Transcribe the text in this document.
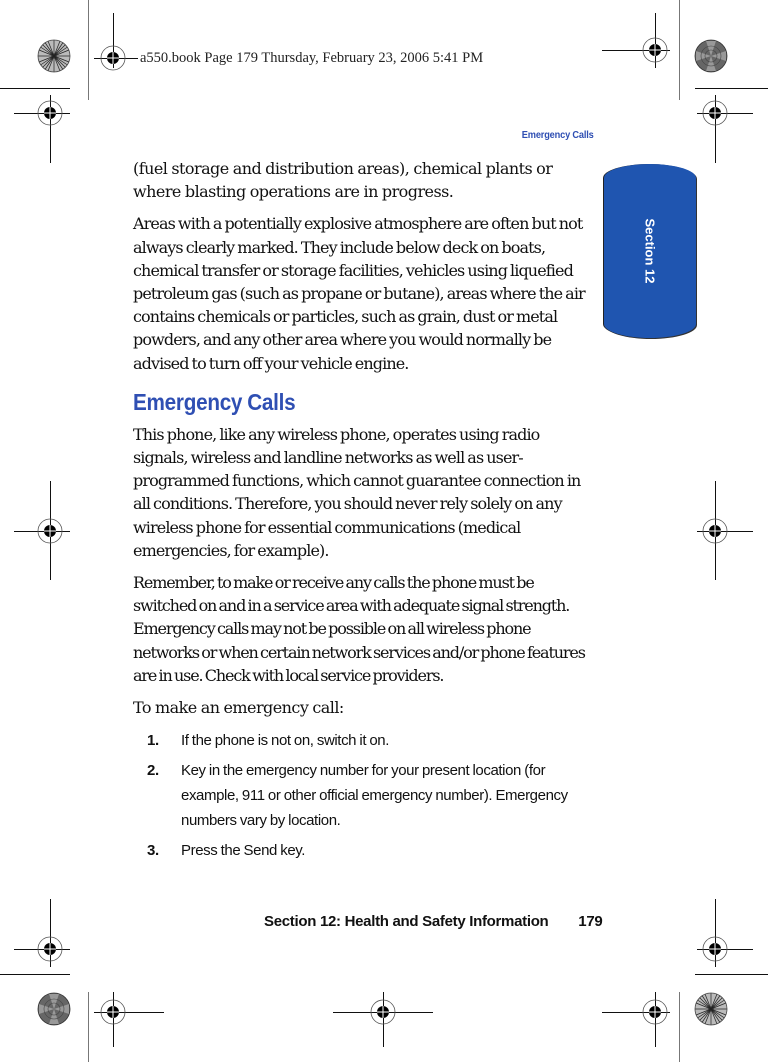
a550.book Page 179 Thursday, February 23, 2006 5:41 PM
Emergency Calls
Section 12

(fuel storage and distribution areas), chemical plants or where blasting operations are in progress.

Areas with a potentially explosive atmosphere are often but not always clearly marked. They include below deck on boats, chemical transfer or storage facilities, vehicles using liquefied petroleum gas (such as propane or butane), areas where the air contains chemicals or particles, such as grain, dust or metal powders, and any other area where you would normally be advised to turn off your vehicle engine.

Emergency Calls

This phone, like any wireless phone, operates using radio signals, wireless and landline networks as well as user-programmed functions, which cannot guarantee connection in all conditions. Therefore, you should never rely solely on any wireless phone for essential communications (medical emergencies, for example).

Remember, to make or receive any calls the phone must be switched on and in a service area with adequate signal strength. Emergency calls may not be possible on all wireless phone networks or when certain network services and/or phone features are in use. Check with local service providers.

To make an emergency call:

1.	If the phone is not on, switch it on.
2.	Key in the emergency number for your present location (for example, 911 or other official emergency number). Emergency numbers vary by location.
3.	Press the Send key.
Section 12: Health and Safety Information 179
